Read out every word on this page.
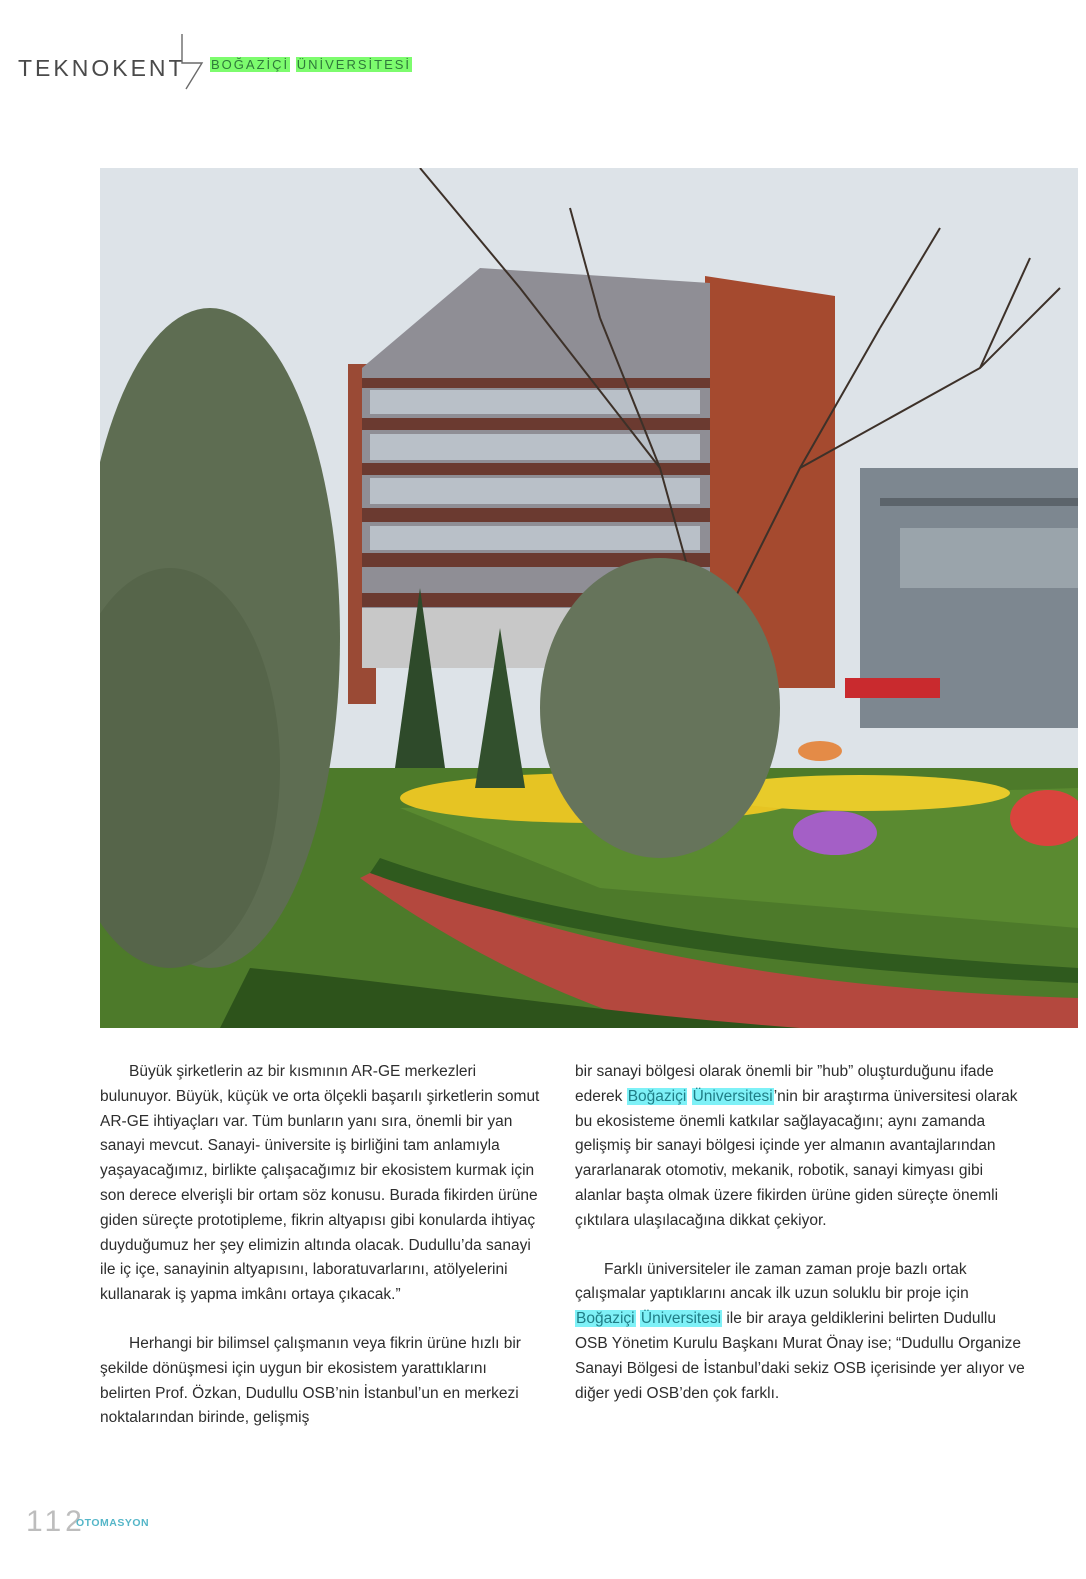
TEKNOKENT BOĞAZİÇİ ÜNİVERSİTESİ

Büyük şirketlerin az bir kısmının AR-GE merkezleri bulunuyor. Büyük, küçük ve orta ölçekli başarılı şirketlerin somut AR-GE ihtiyaçları var. Tüm bunların yanı sıra, önemli bir yan sanayi mevcut. Sanayi- üniversite iş birliğini tam anlamıyla yaşayacağımız, birlikte çalışacağımız bir ekosistem kurmak için son derece elverişli bir ortam söz konusu. Burada fikirden ürüne giden süreçte prototipleme, fikrin altyapısı gibi konularda ihtiyaç duyduğumuz her şey elimizin altında olacak. Dudullu’da sanayi ile iç içe, sanayinin altyapısını, laboratuvarlarını, atölyelerini kullanarak iş yapma imkânı ortaya çıkacak.”

Herhangi bir bilimsel çalışmanın veya fikrin ürüne hızlı bir şekilde dönüşmesi için uygun bir ekosistem yarattıklarını belirten Prof. Özkan, Dudullu OSB’nin İstanbul’un en merkezi noktalarından birinde, gelişmiş

bir sanayi bölgesi olarak önemli bir ”hub” oluşturduğunu ifade ederek Boğaziçi Üniversitesi’nin bir araştırma üniversitesi olarak bu ekosisteme önemli katkılar sağlayacağını; aynı zamanda gelişmiş bir sanayi bölgesi içinde yer almanın avantajlarından yararlanarak otomotiv, mekanik, robotik, sanayi kimyası gibi alanlar başta olmak üzere fikirden ürüne giden süreçte önemli çıktılara ulaşılacağına dikkat çekiyor.

Farklı üniversiteler ile zaman zaman proje bazlı ortak çalışmalar yaptıklarını ancak ilk uzun soluklu bir proje için Boğaziçi Üniversitesi ile bir araya geldiklerini belirten Dudullu OSB Yönetim Kurulu Başkanı Murat Önay ise; “Dudullu Organize Sanayi Bölgesi de İstanbul’daki sekiz OSB içerisinde yer alıyor ve diğer yedi OSB’den çok farklı.

112
OTOMASYON
